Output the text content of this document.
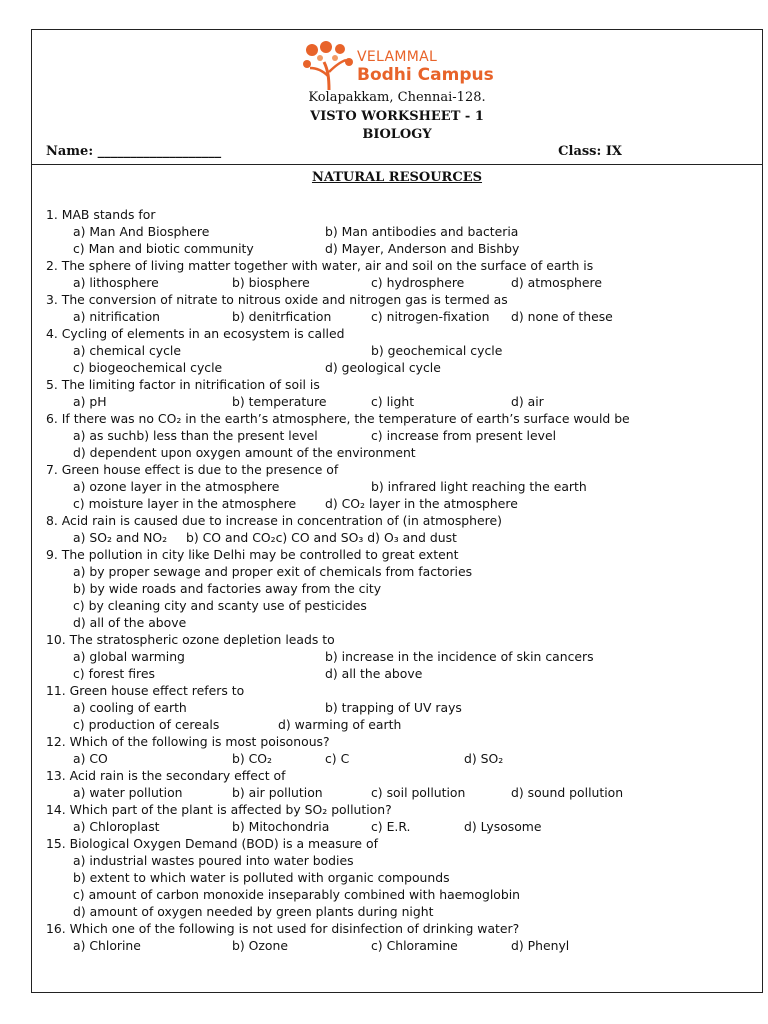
VELAMMAL
Bodhi Campus
Kolapakkam, Chennai-128.
VISTO WORKSHEET - 1
BIOLOGY
Name: ___________________	Class: IX
NATURAL RESOURCES
1. MAB stands for
a) Man And Biosphere	b) Man antibodies and bacteria
c) Man and biotic community	d) Mayer, Anderson and Bishby
2. The sphere of living matter together with water, air and soil on the surface of earth is
a) lithosphere	b) biosphere	c) hydrosphere	d) atmosphere
3. The conversion of nitrate to nitrous oxide and nitrogen gas is termed as
a) nitrification	b) denitrfication	c) nitrogen-fixation d) none of these
4. Cycling of elements in an ecosystem is called
a) chemical cycle	b) geochemical cycle
c) biogeochemical cycle	d) geological cycle
5. The limiting factor in nitrification of soil is
a) pH	b) temperature	c) light	d) air
6. If there was no CO₂ in the earth’s atmosphere, the temperature of earth’s surface would be
a) as suchb) less than the present level	c) increase from present level
d) dependent upon oxygen amount of the environment
7. Green house effect is due to the presence of
a) ozone layer in the atmosphere	b) infrared light reaching the earth
c) moisture layer in the atmosphere d) CO₂ layer in the atmosphere
8. Acid rain is caused due to increase in concentration of (in atmosphere)
a) SO₂ and NO₂ b) CO and CO₂c) CO and SO₃ d) O₃ and dust
9. The pollution in city like Delhi may be controlled to great extent
a) by proper sewage and proper exit of chemicals from factories
b) by wide roads and factories away from the city
c) by cleaning city and scanty use of pesticides
d) all of the above
10. The stratospheric ozone depletion leads to
a) global warming	b) increase in the incidence of skin cancers
c) forest fires	d) all the above
11. Green house effect refers to
a) cooling of earth	b) trapping of UV rays
c) production of cereals	d) warming of earth
12. Which of the following is most poisonous?
a) CO	b) CO₂	c) C	d) SO₂
13. Acid rain is the secondary effect of
a) water pollution	b) air pollution	c) soil pollution	d) sound pollution
14. Which part of the plant is affected by SO₂ pollution?
a) Chloroplast	b) Mitochondria	c) E.R.	d) Lysosome
15. Biological Oxygen Demand (BOD) is a measure of
a) industrial wastes poured into water bodies
b) extent to which water is polluted with organic compounds
c) amount of carbon monoxide inseparably combined with haemoglobin
d) amount of oxygen needed by green plants during night
16. Which one of the following is not used for disinfection of drinking water?
a) Chlorine	b) Ozone	c) Chloramine	d) Phenyl
